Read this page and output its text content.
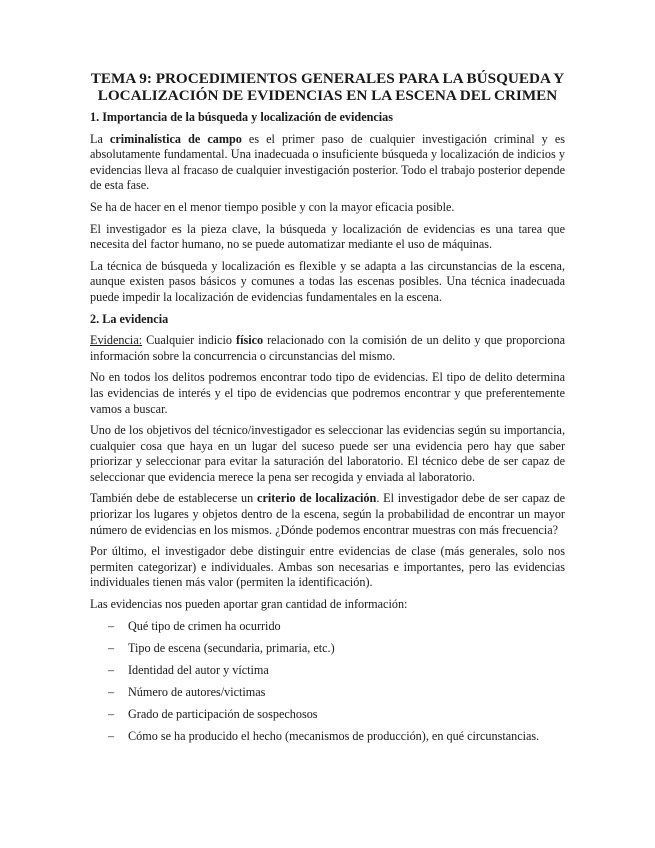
TEMA 9: PROCEDIMIENTOS GENERALES PARA LA BÚSQUEDA Y
LOCALIZACIÓN DE EVIDENCIAS EN LA ESCENA DEL CRIMEN
1. Importancia de la búsqueda y localización de evidencias

La criminalística de campo es el primer paso de cualquier investigación criminal y es absolutamente fundamental. Una inadecuada o insuficiente búsqueda y localización de indicios y evidencias lleva al fracaso de cualquier investigación posterior. Todo el trabajo posterior depende de esta fase.

Se ha de hacer en el menor tiempo posible y con la mayor eficacia posible.

El investigador es la pieza clave, la búsqueda y localización de evidencias es una tarea que necesita del factor humano, no se puede automatizar mediante el uso de máquinas.

La técnica de búsqueda y localización es flexible y se adapta a las circunstancias de la escena, aunque existen pasos básicos y comunes a todas las escenas posibles. Una técnica inadecuada puede impedir la localización de evidencias fundamentales en la escena.

2. La evidencia

Evidencia: Cualquier indicio físico relacionado con la comisión de un delito y que proporciona información sobre la concurrencia o circunstancias del mismo.

No en todos los delitos podremos encontrar todo tipo de evidencias. El tipo de delito determina las evidencias de interés y el tipo de evidencias que podremos encontrar y que preferentemente vamos a buscar.

Uno de los objetivos del técnico/investigador es seleccionar las evidencias según su importancia, cualquier cosa que haya en un lugar del suceso puede ser una evidencia pero hay que saber priorizar y seleccionar para evitar la saturación del laboratorio. El técnico debe de ser capaz de seleccionar que evidencia merece la pena ser recogida y enviada al laboratorio.

También debe de establecerse un criterio de localización. El investigador debe de ser capaz de priorizar los lugares y objetos dentro de la escena, según la probabilidad de encontrar un mayor número de evidencias en los mismos. ¿Dónde podemos encontrar muestras con más frecuencia?

Por último, el investigador debe distinguir entre evidencias de clase (más generales, solo nos permiten categorizar) e individuales. Ambas son necesarias e importantes, pero las evidencias individuales tienen más valor (permiten la identificación).

Las evidencias nos pueden aportar gran cantidad de información:

– Qué tipo de crimen ha ocurrido
– Tipo de escena (secundaria, primaria, etc.)
– Identidad del autor y víctima
– Número de autores/victimas
– Grado de participación de sospechosos
– Cómo se ha producido el hecho (mecanismos de producción), en qué circunstancias.
